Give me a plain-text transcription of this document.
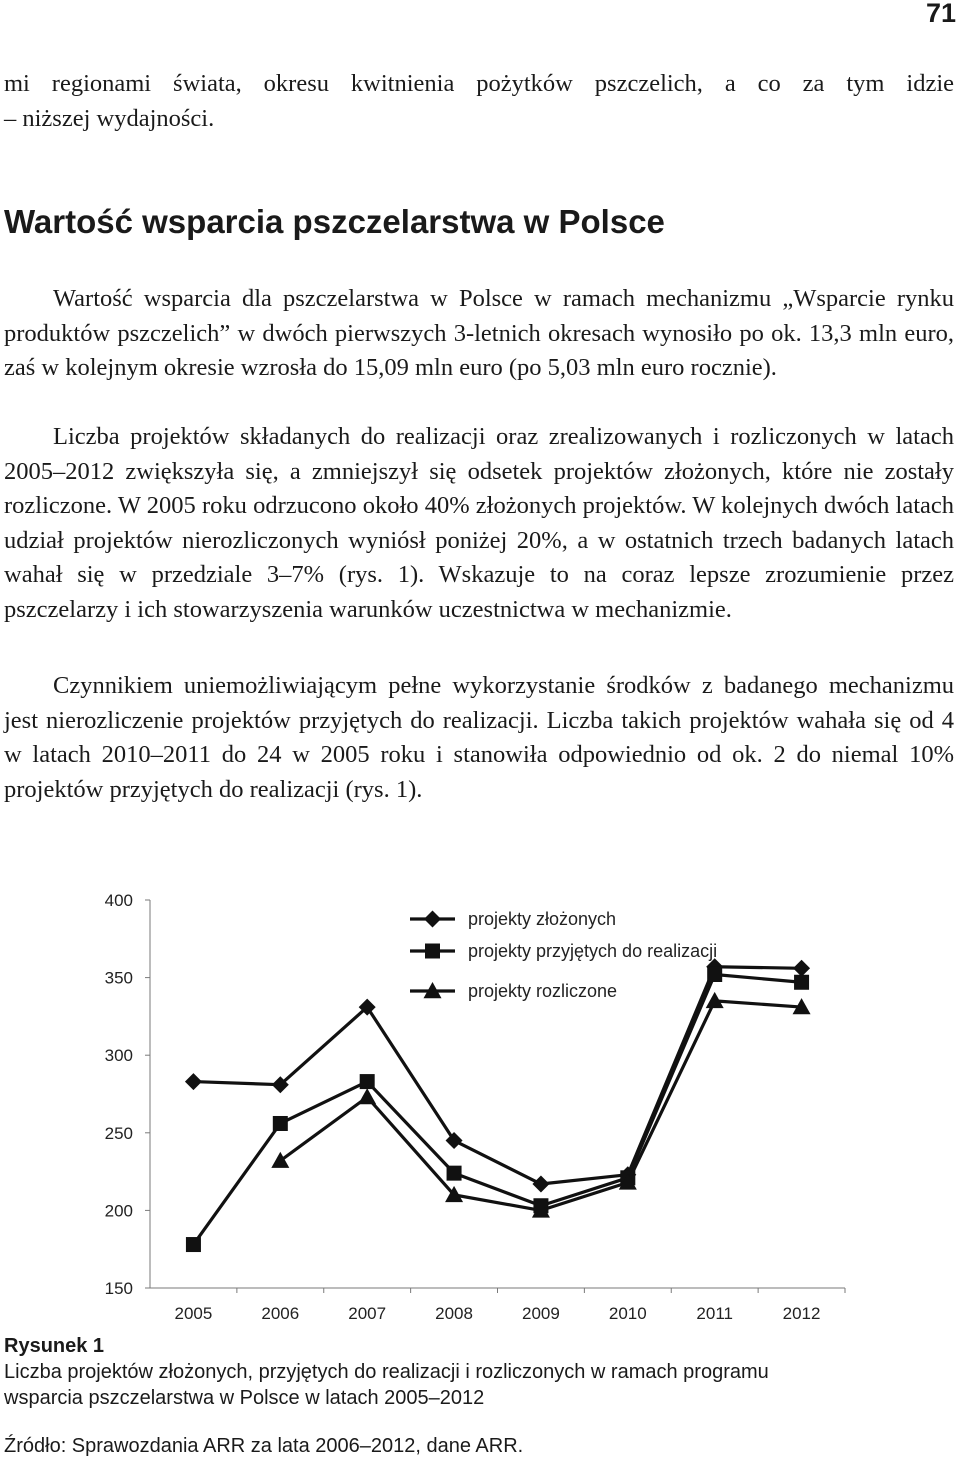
71
mi regionami świata, okresu kwitnienia pożytków pszczelich, a co za tym idzie
– niższej wydajności.
Wartość wsparcia pszczelarstwa w Polsce

Wartość wsparcia dla pszczelarstwa w Polsce w ramach mechanizmu „Wsparcie rynku produktów pszczelich” w dwóch pierwszych 3-letnich okresach wynosiło po ok. 13,3 mln euro, zaś w kolejnym okresie wzrosła do 15,09 mln euro (po 5,03 mln euro rocznie).

Liczba projektów składanych do realizacji oraz zrealizowanych i rozliczonych w latach 2005–2012 zwiększyła się, a zmniejszył się odsetek projektów złożonych, które nie zostały rozliczone. W 2005 roku odrzucono około 40% złożonych projektów. W kolejnych dwóch latach udział projektów nierozliczonych wyniósł poniżej 20%, a w ostatnich trzech badanych latach wahał się w przedziale 3–7% (rys. 1). Wskazuje to na coraz lepsze zrozumienie przez pszczelarzy i ich stowarzyszenia warunków uczestnictwa w mechanizmie.

Czynnikiem uniemożliwiającym pełne wykorzystanie środków z badanego mechanizmu jest nierozliczenie projektów przyjętych do realizacji. Liczba takich projektów wahała się od 4 w latach 2010–2011 do 24 w 2005 roku i stanowiła odpowiednio od ok. 2 do niemal 10% projektów przyjętych do realizacji (rys. 1).

400
350
300
250
200
150
2005	2006	2007	2008	2009	2010	2011	2012
projekty złożonych
projekty przyjętych do realizacji
projekty rozliczone
Rysunek 1
Liczba projektów złożonych, przyjętych do realizacji i rozliczonych w ramach programu
wsparcia pszczelarstwa w Polsce w latach 2005–2012
Źródło: Sprawozdania ARR za lata 2006–2012, dane ARR.
